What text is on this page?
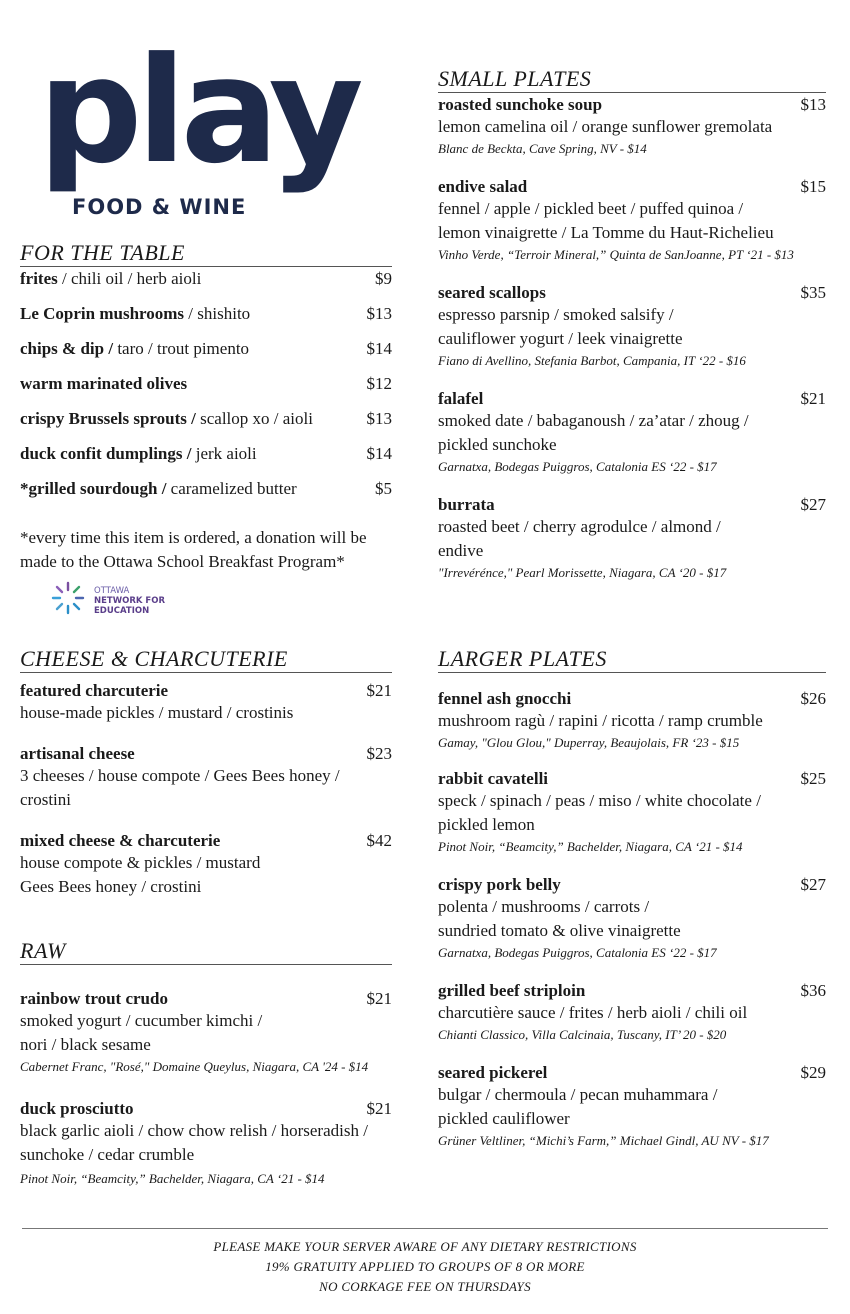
play
FOOD & WINE
FOR THE TABLE
frites / chili oil / herb aioli	$9
Le Coprin mushrooms / shishito	$13
chips & dip / taro / trout pimento	$14
warm marinated olives	$12
crispy Brussels sprouts / scallop xo / aioli	$13
duck confit dumplings / jerk aioli	$14
*grilled sourdough / caramelized butter	$5
*every time this item is ordered, a donation will be made to the Ottawa School Breakfast Program*
OTTAWA
NETWORK FOR
EDUCATION
CHEESE & CHARCUTERIE
featured charcuterie	$21
house-made pickles / mustard / crostinis
artisanal cheese	$23
3 cheeses / house compote / Gees Bees honey /
crostini
mixed cheese & charcuterie	$42
house compote & pickles / mustard
Gees Bees honey / crostini
RAW
rainbow trout crudo	$21
smoked yogurt / cucumber kimchi /
nori / black sesame
Cabernet Franc, "Rosé," Domaine Queylus, Niagara, CA '24 - $14
duck prosciutto	$21
black garlic aioli / chow chow relish / horseradish /
sunchoke / cedar crumble
Pinot Noir, “Beamcity,” Bachelder, Niagara, CA ‘21 - $14
SMALL PLATES
roasted sunchoke soup	$13
lemon camelina oil / orange sunflower gremolata
Blanc de Beckta, Cave Spring, NV - $14
endive salad	$15
fennel / apple / pickled beet / puffed quinoa /
lemon vinaigrette / La Tomme du Haut-Richelieu
Vinho Verde, “Terroir Mineral,” Quinta de SanJoanne, PT ‘21 - $13
seared scallops	$35
espresso parsnip / smoked salsify /
cauliflower yogurt / leek vinaigrette
Fiano di Avellino, Stefania Barbot, Campania, IT ‘22 - $16
falafel	$21
smoked date / babaganoush / za’atar / zhoug /
pickled sunchoke
Garnatxa, Bodegas Puiggros, Catalonia ES ‘22 - $17
burrata	$27
roasted beet / cherry agrodulce / almond /
endive
"Irrevérénce," Pearl Morissette, Niagara, CA ‘20 - $17
LARGER PLATES
fennel ash gnocchi	$26
mushroom ragù / rapini / ricotta / ramp crumble
Gamay, "Glou Glou," Duperray, Beaujolais, FR ‘23 - $15
rabbit cavatelli	$25
speck / spinach / peas / miso / white chocolate /
pickled lemon
Pinot Noir, “Beamcity,” Bachelder, Niagara, CA ‘21 - $14
crispy pork belly	$27
polenta / mushrooms / carrots /
sundried tomato & olive vinaigrette
Garnatxa, Bodegas Puiggros, Catalonia ES ‘22 - $17
grilled beef striploin	$36
charcutière sauce / frites / herb aioli / chili oil
Chianti Classico, Villa Calcinaia, Tuscany, IT’ 20 - $20
seared pickerel	$29
bulgar / chermoula / pecan muhammara /
pickled cauliflower
Grüner Veltliner, “Michi’s Farm,” Michael Gindl, AU NV - $17
PLEASE MAKE YOUR SERVER AWARE OF ANY DIETARY RESTRICTIONS
19% GRATUITY APPLIED TO GROUPS OF 8 OR MORE
NO CORKAGE FEE ON THURSDAYS
